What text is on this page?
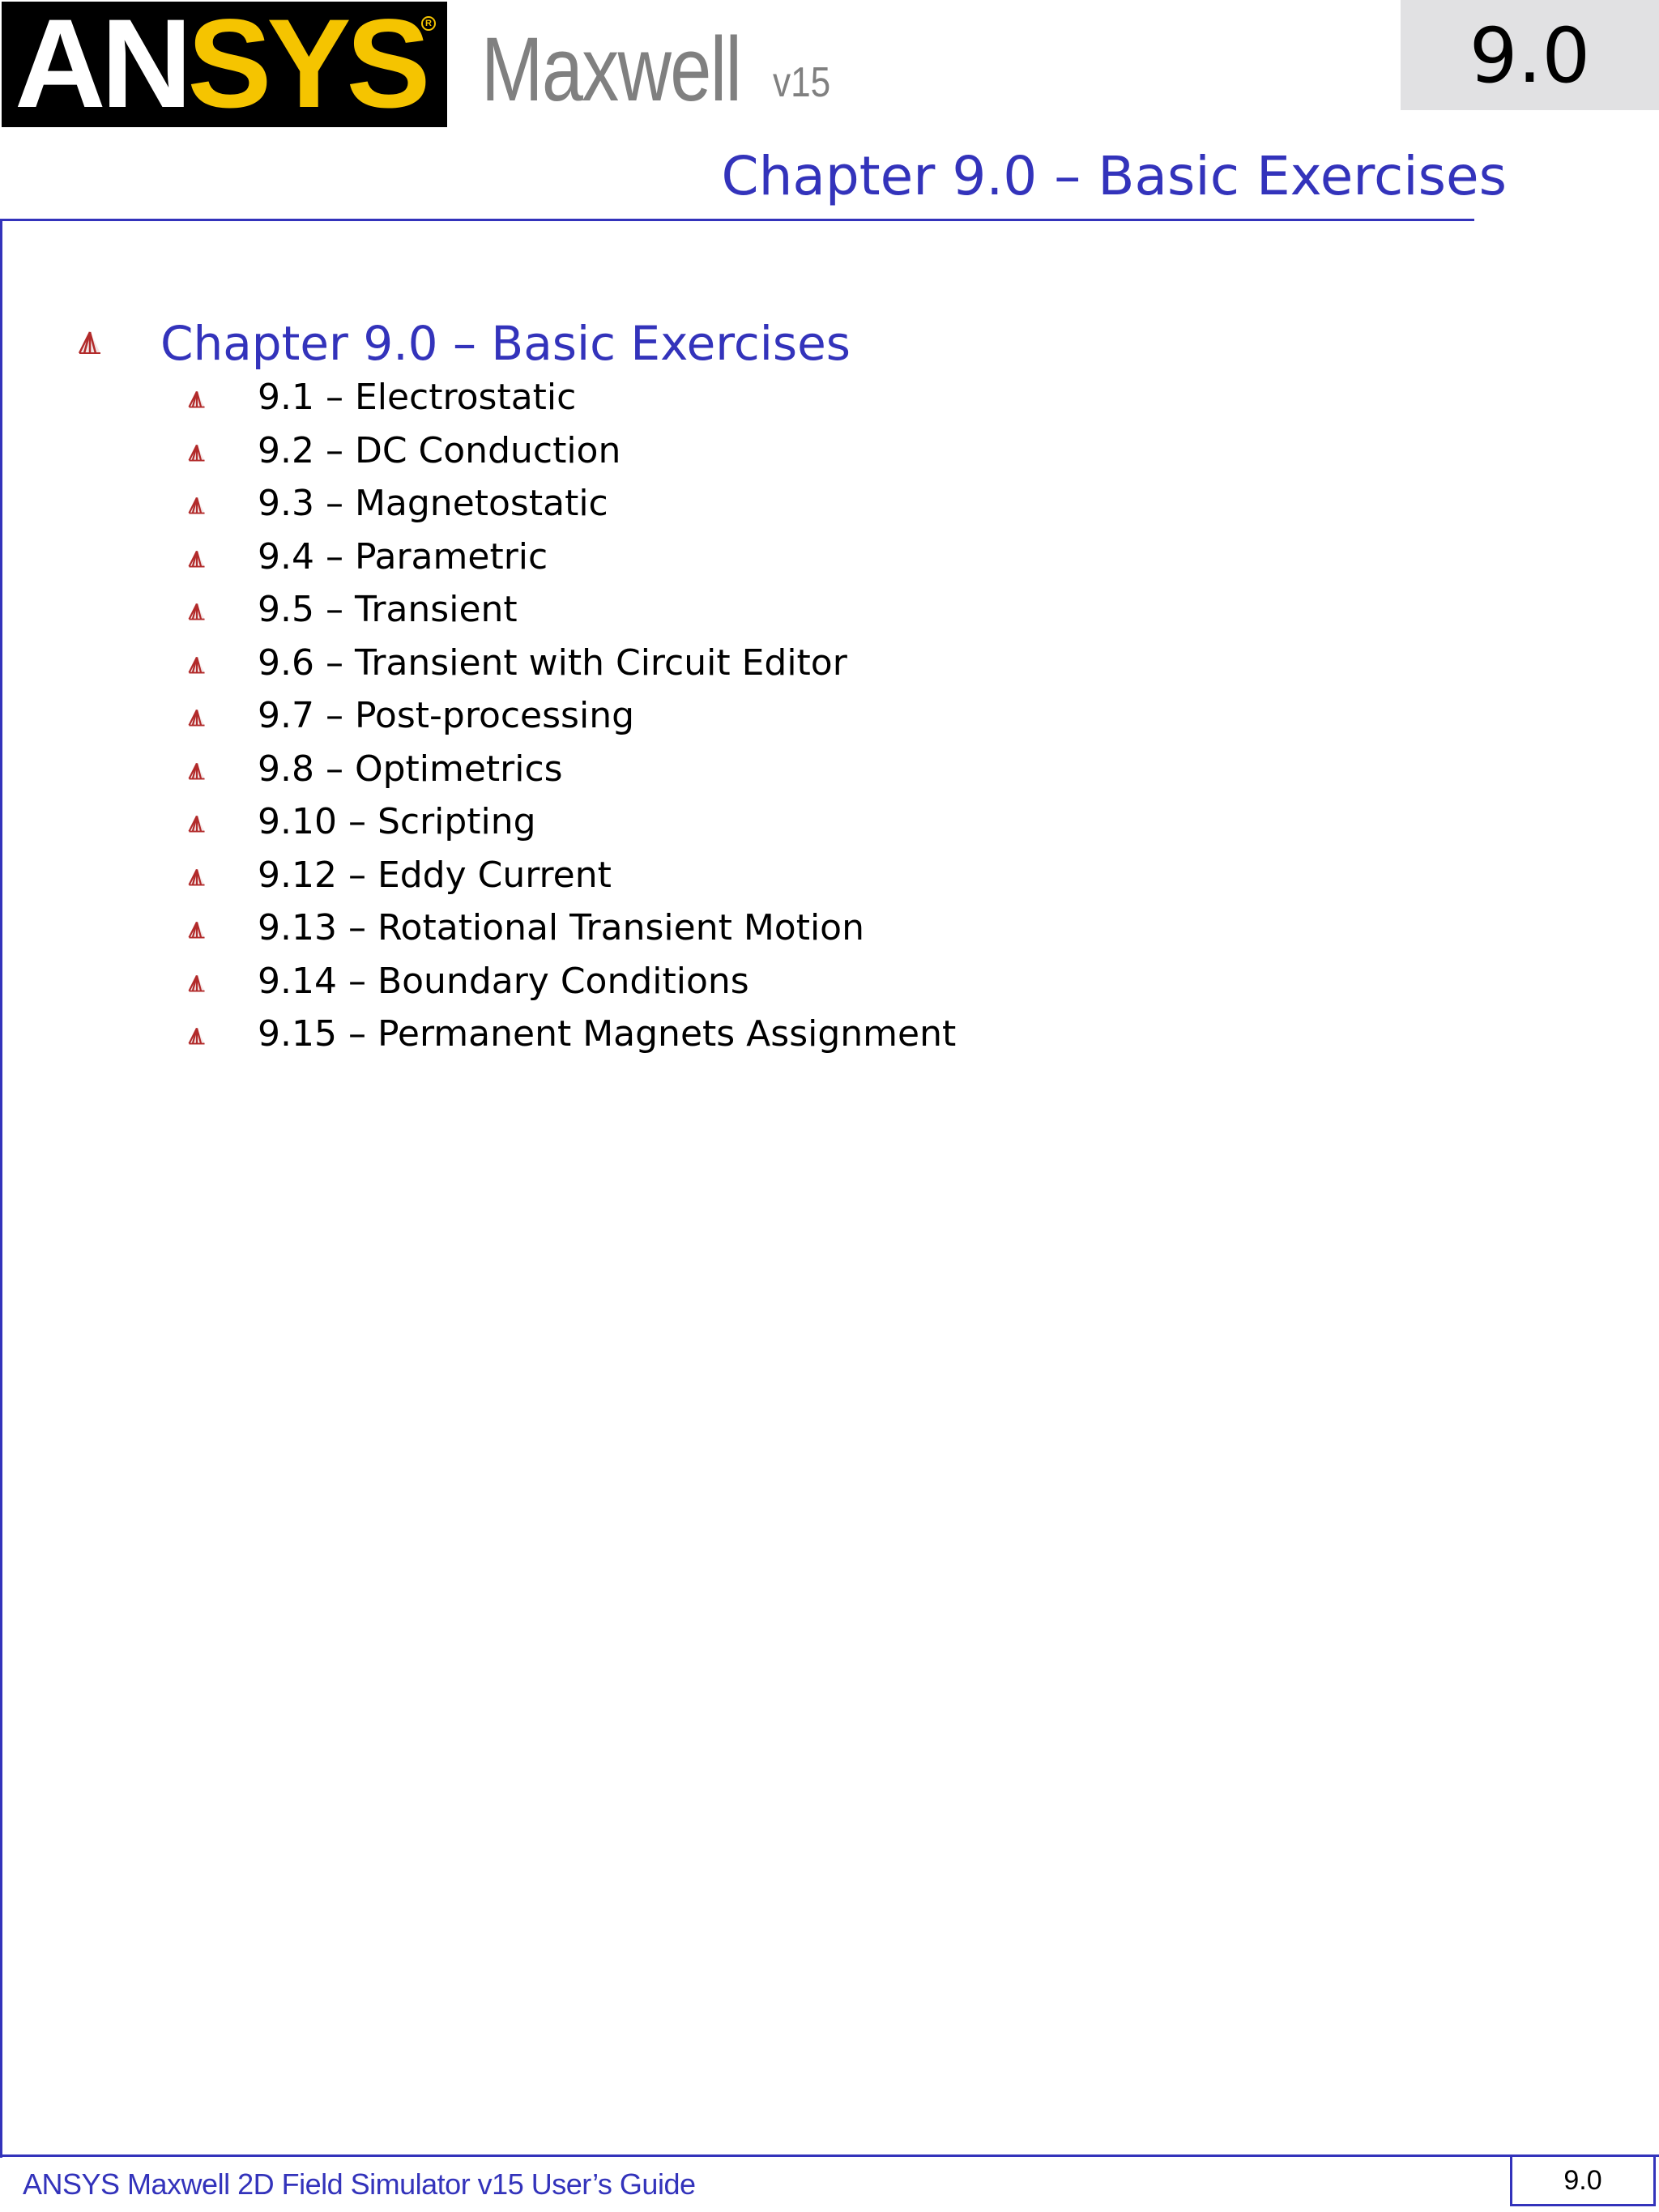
ANSYS R Maxwell v15	9.0
Chapter 9.0 – Basic Exercises
Chapter 9.0 – Basic Exercises
9.1 – Electrostatic
9.2 – DC Conduction
9.3 – Magnetostatic
9.4 – Parametric
9.5 – Transient
9.6 – Transient with Circuit Editor
9.7 – Post-processing
9.8 – Optimetrics
9.10 – Scripting
9.12 – Eddy Current
9.13 – Rotational Transient Motion
9.14 – Boundary Conditions
9.15 – Permanent Magnets Assignment
ANSYS Maxwell 2D Field Simulator v15 User’s Guide	9.0
